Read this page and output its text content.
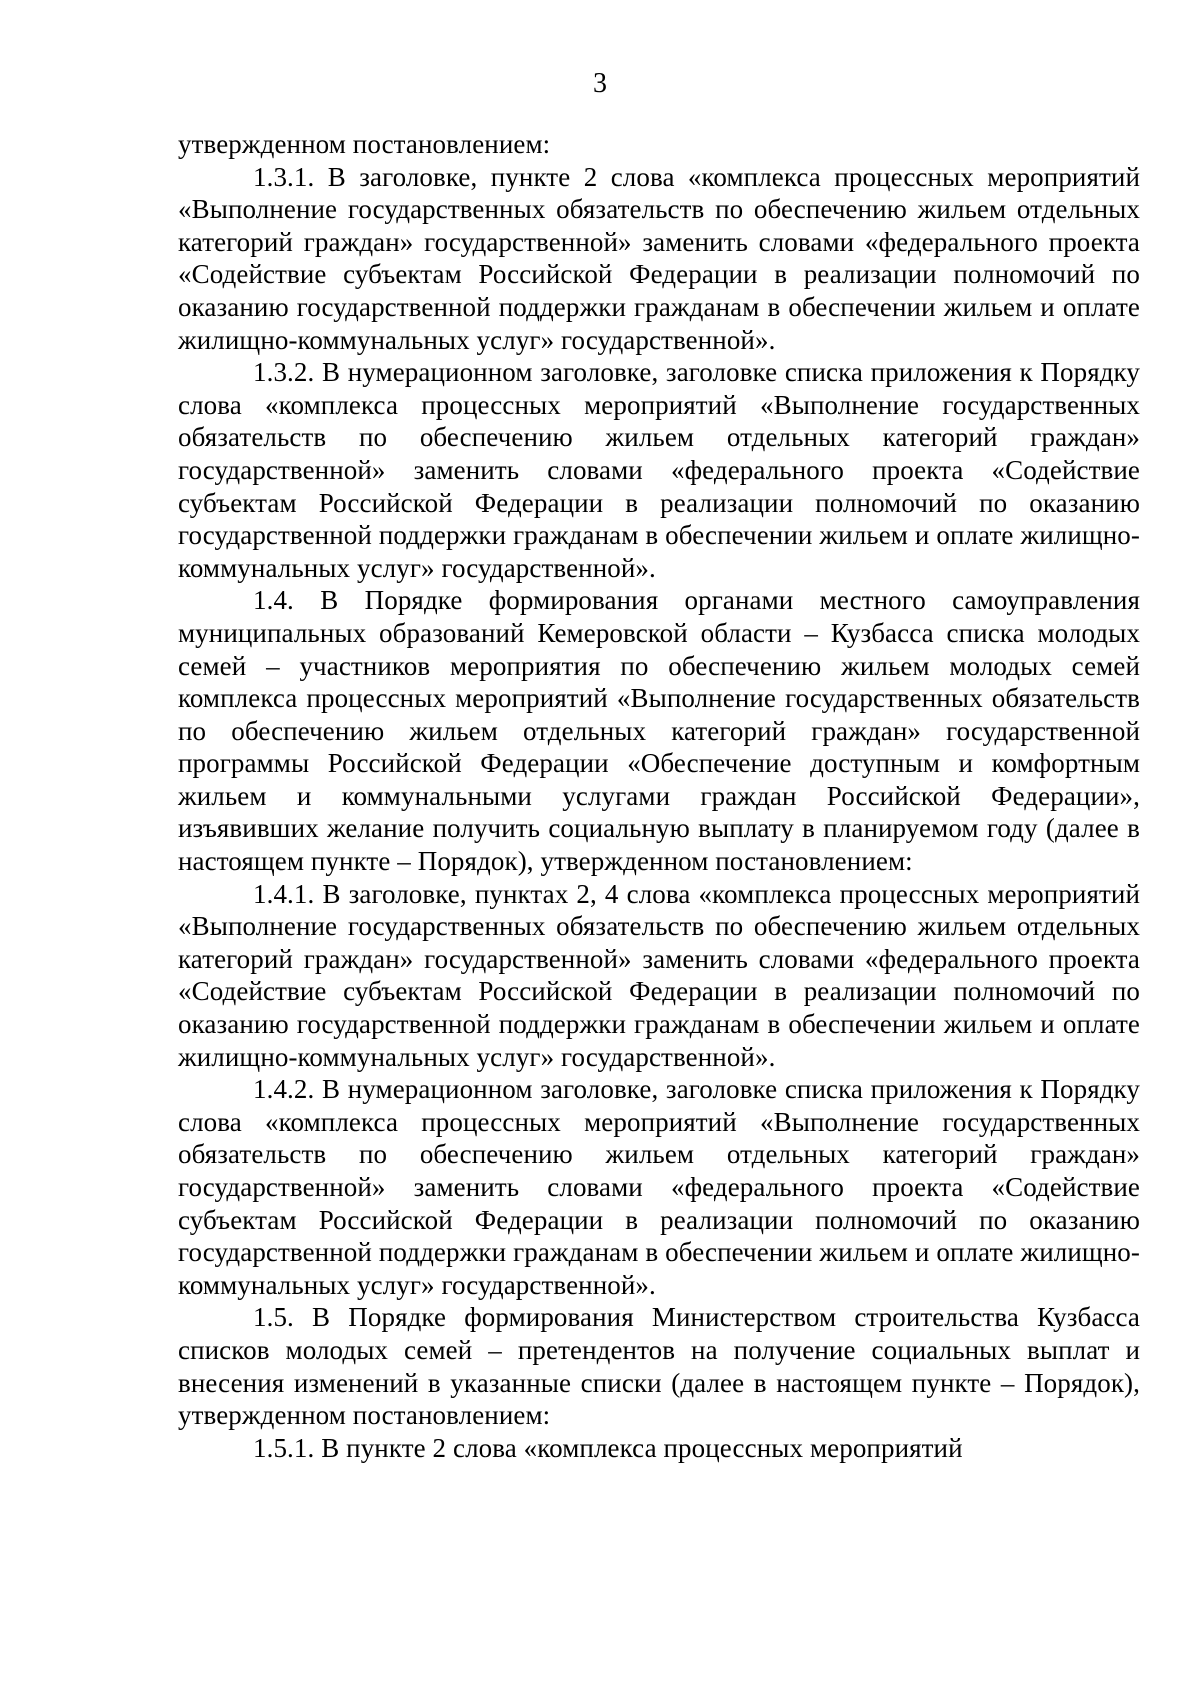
3

утвержденном постановлением:

1.3.1. В заголовке, пункте 2 слова «комплекса процессных мероприятий «Выполнение государственных обязательств по обеспечению жильем отдельных категорий граждан» государственной» заменить словами «федерального проекта «Содействие субъектам Российской Федерации в реализации полномочий по оказанию государственной поддержки гражданам в обеспечении жильем и оплате жилищно-коммунальных услуг» государственной».

1.3.2. В нумерационном заголовке, заголовке списка приложения к Порядку слова «комплекса процессных мероприятий «Выполнение государственных обязательств по обеспечению жильем отдельных категорий граждан» государственной» заменить словами «федерального проекта «Содействие субъектам Российской Федерации в реализации полномочий по оказанию государственной поддержки гражданам в обеспечении жильем и оплате жилищно-коммунальных услуг» государственной».

1.4. В Порядке формирования органами местного самоуправления муниципальных образований Кемеровской области – Кузбасса списка молодых семей – участников мероприятия по обеспечению жильем молодых семей комплекса процессных мероприятий «Выполнение государственных обязательств по обеспечению жильем отдельных категорий граждан» государственной программы Российской Федерации «Обеспечение доступным и комфортным жильем и коммунальными услугами граждан Российской Федерации», изъявивших желание получить социальную выплату в планируемом году (далее в настоящем пункте – Порядок), утвержденном постановлением:

1.4.1. В заголовке, пунктах 2, 4 слова «комплекса процессных мероприятий «Выполнение государственных обязательств по обеспечению жильем отдельных категорий граждан» государственной» заменить словами «федерального проекта «Содействие субъектам Российской Федерации в реализации полномочий по оказанию государственной поддержки гражданам в обеспечении жильем и оплате жилищно-коммунальных услуг» государственной».

1.4.2. В нумерационном заголовке, заголовке списка приложения к Порядку слова «комплекса процессных мероприятий «Выполнение государственных обязательств по обеспечению жильем отдельных категорий граждан» государственной» заменить словами «федерального проекта «Содействие субъектам Российской Федерации в реализации полномочий по оказанию государственной поддержки гражданам в обеспечении жильем и оплате жилищно-коммунальных услуг» государственной».

1.5. В Порядке формирования Министерством строительства Кузбасса списков молодых семей – претендентов на получение социальных выплат и внесения изменений в указанные списки (далее в настоящем пункте – Порядок), утвержденном постановлением:

1.5.1. В пункте 2 слова «комплекса процессных мероприятий
